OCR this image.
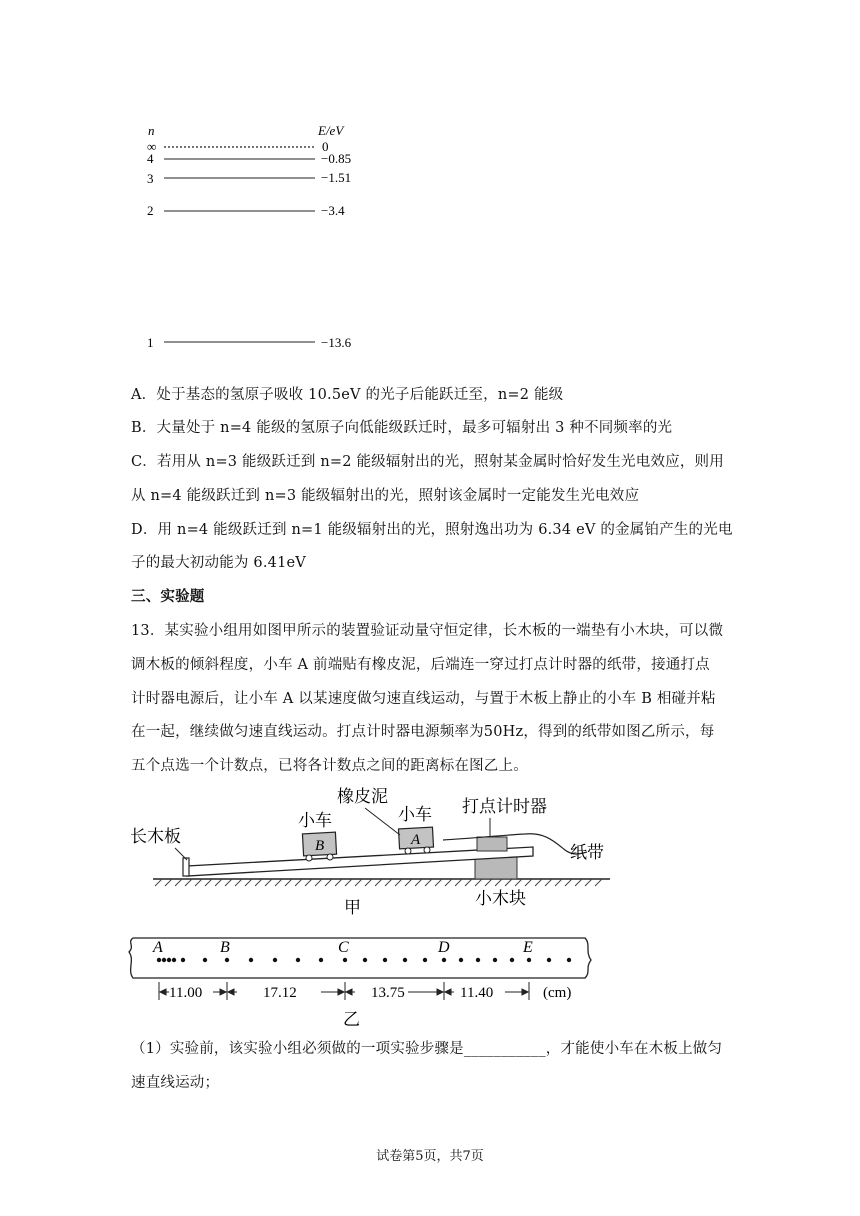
n	E/eV
∞	0
4	−0.85
3	−1.51
2	−3.4
1	−13.6
A．处于基态的氢原子吸收 10.5eV 的光子后能跃迁至，n=2 能级
B．大量处于 n=4 能级的氢原子向低能级跃迁时，最多可辐射出 3 种不同频率的光
C．若用从 n=3 能级跃迁到 n=2 能级辐射出的光，照射某金属时恰好发生光电效应，则用
从 n=4 能级跃迁到 n=3 能级辐射出的光，照射该金属时一定能发生光电效应
D．用 n=4 能级跃迁到 n=1 能级辐射出的光，照射逸出功为 6.34 eV 的金属铂产生的光电
子的最大初动能为 6.41eV
三、实验题
13．某实验小组用如图甲所示的装置验证动量守恒定律，长木板的一端垫有小木块，可以微
调木板的倾斜程度，小车 A 前端贴有橡皮泥，后端连一穿过打点计时器的纸带，接通打点
计时器电源后，让小车 A 以某速度做匀速直线运动，与置于木板上静止的小车 B 相碰并粘
在一起，继续做匀速直线运动。打点计时器电源频率为50Hz，得到的纸带如图乙所示，每
五个点选一个计数点，已将各计数点之间的距离标在图乙上。
B	A
长木板
小车
橡皮泥
小车 打点计时器
纸带
小木块
甲
A	B	C	D	E
11.00	17.12	13.75	11.40	(cm)
乙
（1）实验前，该实验小组必须做的一项实验步骤是___________，才能使小车在木板上做匀
速直线运动；
试卷第5页，共7页
